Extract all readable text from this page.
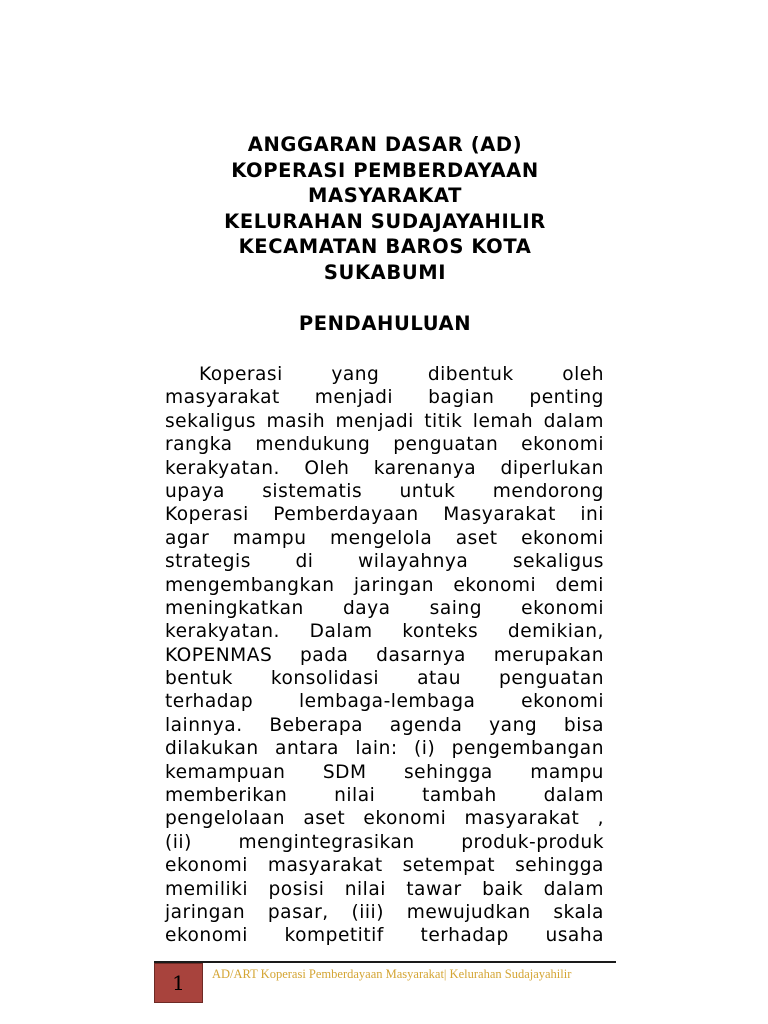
ANGGARAN DASAR (AD)
KOPERASI PEMBERDAYAAN
MASYARAKAT
KELURAHAN SUDAJAYAHILIR
KECAMATAN BAROS KOTA
SUKABUMI
PENDAHULUAN
Koperasi	yang	dibentuk	oleh
masyarakat menjadi bagian penting
sekaligus masih menjadi titik lemah dalam
rangka mendukung penguatan ekonomi
kerakyatan. Oleh karenanya diperlukan
upaya sistematis untuk mendorong
Koperasi Pemberdayaan Masyarakat ini
agar mampu mengelola aset ekonomi
strategis di wilayahnya sekaligus
mengembangkan jaringan ekonomi demi
meningkatkan daya saing ekonomi
kerakyatan. Dalam konteks demikian,
KOPENMAS pada dasarnya merupakan
bentuk konsolidasi atau penguatan
terhadap lembaga-lembaga ekonomi
lainnya. Beberapa agenda yang bisa
dilakukan antara lain: (i) pengembangan
kemampuan SDM sehingga mampu
memberikan	nilai	tambah	dalam
pengelolaan aset ekonomi masyarakat ,
(ii)	mengintegrasikan	produk-produk
ekonomi masyarakat setempat sehingga
memiliki posisi nilai tawar baik dalam
jaringan pasar, (iii) mewujudkan skala
ekonomi kompetitif terhadap usaha
1	AD/ART Koperasi Pemberdayaan Masyarakat| Kelurahan Sudajayahilir
